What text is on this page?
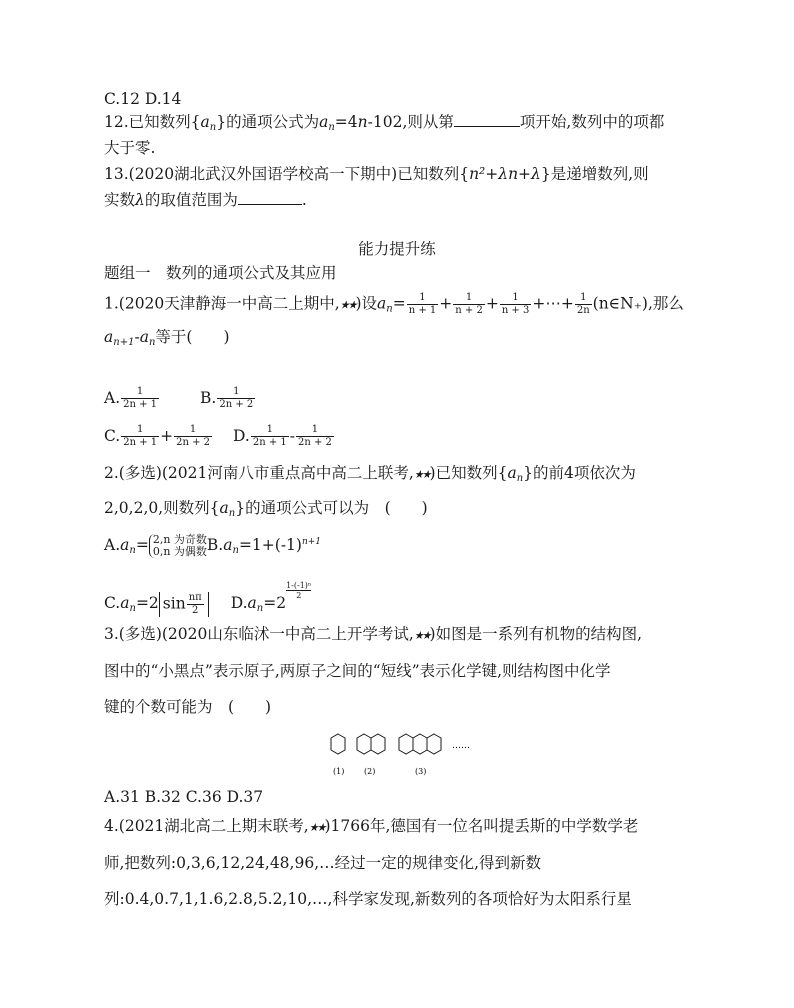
C.12 D.14
12.已知数列$\{a_n\}$的通项公式为$a_n=4n-102$,则从第	项开始,数列中的项都
大于零.
13.(2020湖北武汉外国语学校高一下期中)已知数列{n²+λn+λ}是递增数列,则
实数λ的取值范围为	.
能力提升练
题组一　数列的通项公式及其应用
1.(2020天津静海一中高二上期中,★★)设$a_n= \frac{1}{n + 1} + \frac{1}{n + 2} + \frac{1}{n + 3}$ +⋯+ $\frac{1}{2n}$ (n∈N₊),那么
$a_{n+1}-a_n$等于(　　)
A. $\frac{1}{2n + 1}$	B. $\frac{1}{2n + 2}$
C. $\frac{1}{2n + 1} + \frac{1}{2n + 2} D$. $\frac{1}{2n + 1} - \frac{1}{2n + 2}$
2.(多选)(2021河南八市重点高中高二上联考,★★)已知数列$\{a_n\}$的前4项依次为
2,0,2,0,则数列$\{a_n\}$的通项公式可以为　(　　)
$A.a_n= 2,n$ 为奇数
0,n 为偶数 $B.a_n=1+(-1)^{n+1}$
$C.a_n=2$ $\sin \frac{n\pi}{2} D.a_n=2$
$\frac{\text{1-(-1)ⁿ}}{2}$
3.(多选)(2020山东临沭一中高二上开学考试,★★)如图是一系列有机物的结构图,
图中的“小黑点”表示原子,两原子之间的“短线”表示化学键,则结构图中化学
键的个数可能为　(　　)
(1) (2)	(3)
……
A.31 B.32 C.36 D.37
4.(2021湖北高二上期末联考,★★)1766年,德国有一位名叫提丢斯的中学数学老
师,把数列:0,3,6,12,24,48,96,…经过一定的规律变化,得到新数
列:0.4,0.7,1,1.6,2.8,5.2,10,…,科学家发现,新数列的各项恰好为太阳系行星
